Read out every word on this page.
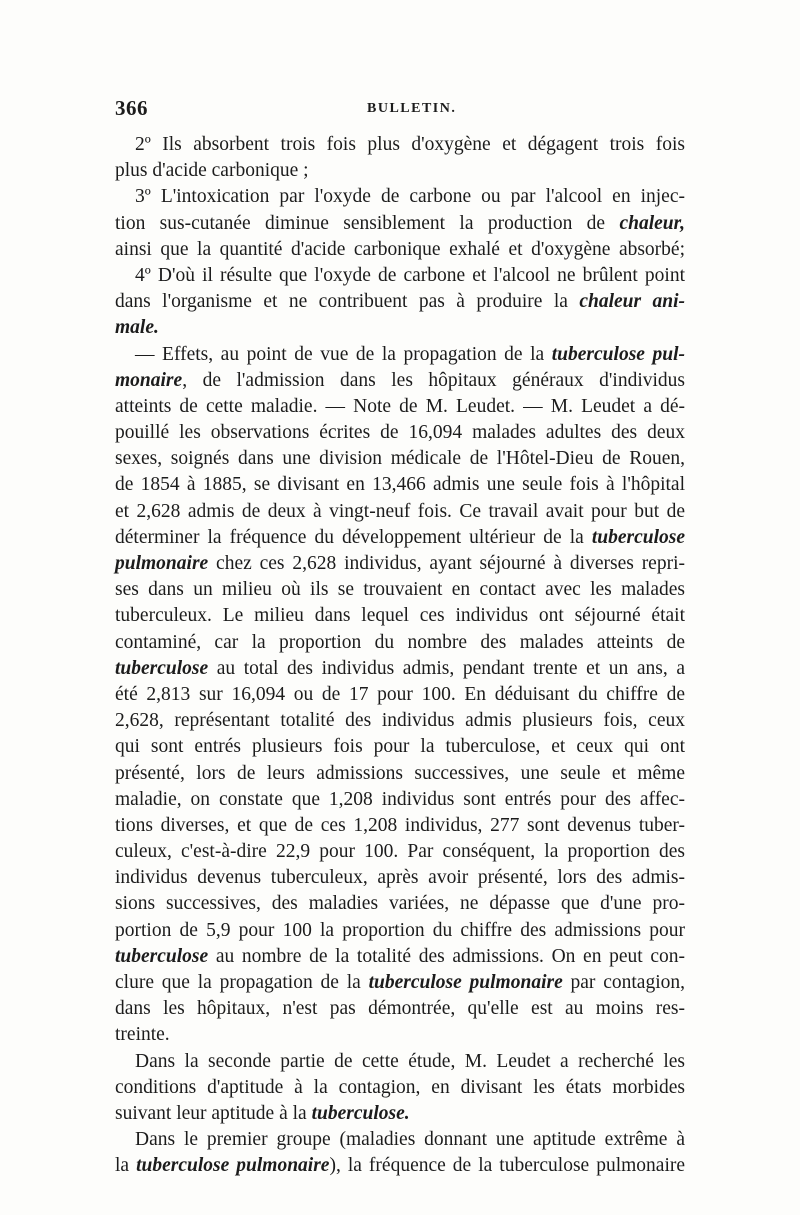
366	BULLETIN.
2º Ils absorbent trois fois plus d'oxygène et dégagent trois fois
plus d'acide carbonique ;
3º L'intoxication par l'oxyde de carbone ou par l'alcool en injec-
tion sus-cutanée diminue sensiblement la production de chaleur,
ainsi que la quantité d'acide carbonique exhalé et d'oxygène absorbé;
4º D'où il résulte que l'oxyde de carbone et l'alcool ne brûlent point
dans l'organisme et ne contribuent pas à produire la chaleur ani-
male.
— Effets, au point de vue de la propagation de la tuberculose pul-
monaire, de l'admission dans les hôpitaux généraux d'individus
atteints de cette maladie. — Note de M. Leudet. — M. Leudet a dé-
pouillé les observations écrites de 16,094 malades adultes des deux
sexes, soignés dans une division médicale de l'Hôtel-Dieu de Rouen,
de 1854 à 1885, se divisant en 13,466 admis une seule fois à l'hôpital
et 2,628 admis de deux à vingt-neuf fois. Ce travail avait pour but de
déterminer la fréquence du développement ultérieur de la tuberculose
pulmonaire chez ces 2,628 individus, ayant séjourné à diverses repri-
ses dans un milieu où ils se trouvaient en contact avec les malades
tuberculeux. Le milieu dans lequel ces individus ont séjourné était
contaminé, car la proportion du nombre des malades atteints de
tuberculose au total des individus admis, pendant trente et un ans, a
été 2,813 sur 16,094 ou de 17 pour 100. En déduisant du chiffre de
2,628, représentant totalité des individus admis plusieurs fois, ceux
qui sont entrés plusieurs fois pour la tuberculose, et ceux qui ont
présenté, lors de leurs admissions successives, une seule et même
maladie, on constate que 1,208 individus sont entrés pour des affec-
tions diverses, et que de ces 1,208 individus, 277 sont devenus tuber-
culeux, c'est-à-dire 22,9 pour 100. Par conséquent, la proportion des
individus devenus tuberculeux, après avoir présenté, lors des admis-
sions successives, des maladies variées, ne dépasse que d'une pro-
portion de 5,9 pour 100 la proportion du chiffre des admissions pour
tuberculose au nombre de la totalité des admissions. On en peut con-
clure que la propagation de la tuberculose pulmonaire par contagion,
dans les hôpitaux, n'est pas démontrée, qu'elle est au moins res-
treinte.
Dans la seconde partie de cette étude, M. Leudet a recherché les
conditions d'aptitude à la contagion, en divisant les états morbides
suivant leur aptitude à la tuberculose.
Dans le premier groupe (maladies donnant une aptitude extrême à
la tuberculose pulmonaire), la fréquence de la tuberculose pulmonaire
